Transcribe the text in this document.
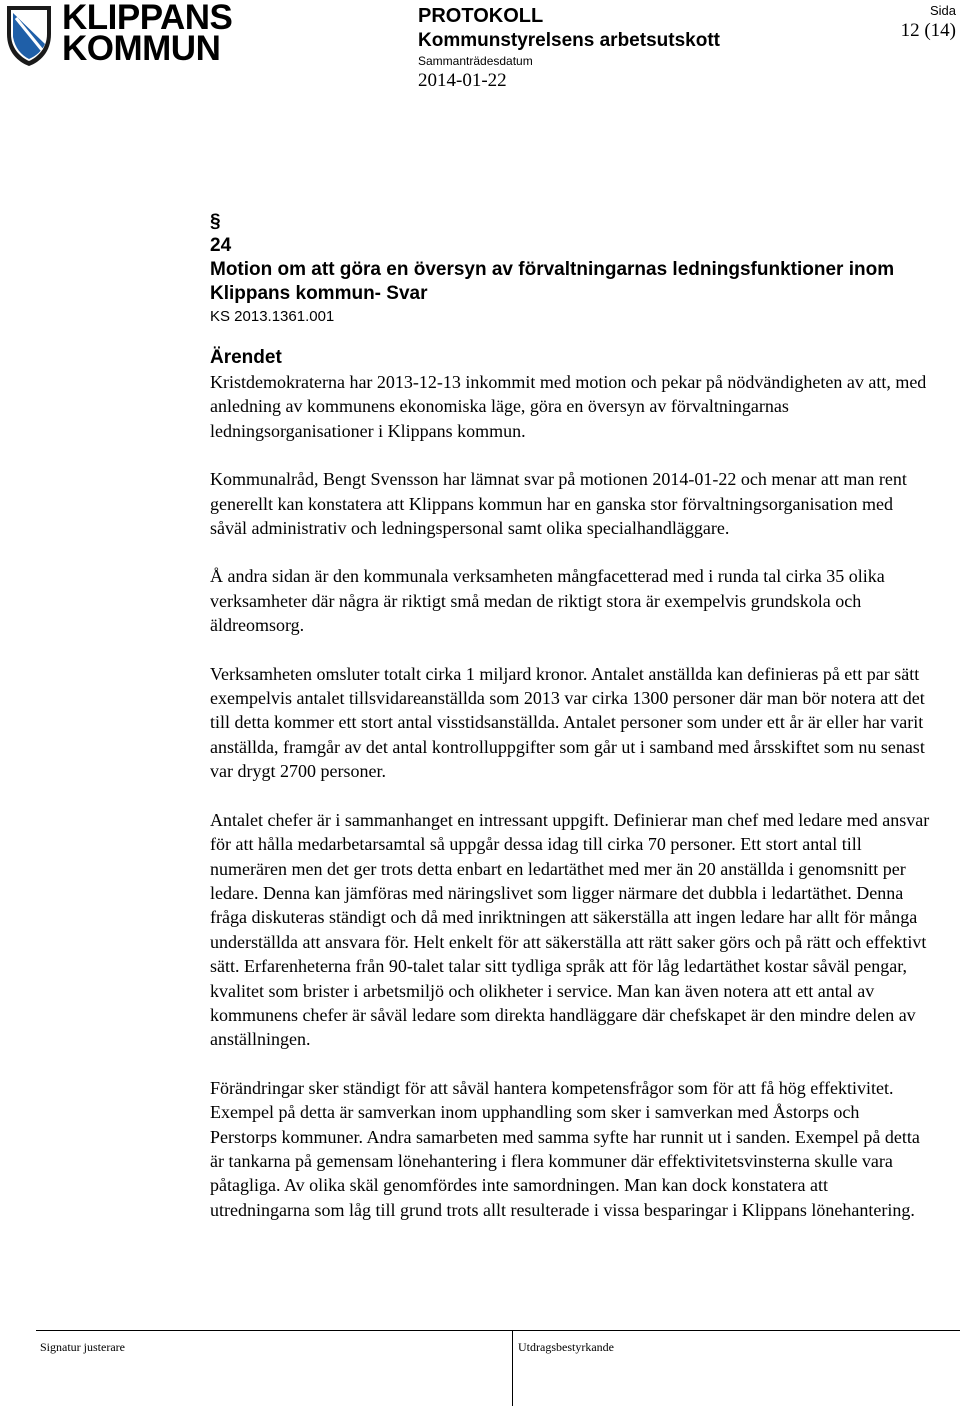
KLIPPANS
KOMMUN
PROTOKOLL
Kommunstyrelsens arbetsutskott
Sammanträdesdatum
2014-01-22
Sida
12 (14)
§
24
Motion om att göra en översyn av förvaltningarnas ledningsfunktioner inom Klippans kommun- Svar
KS 2013.1361.001
Ärendet

Kristdemokraterna har 2013-12-13 inkommit med motion och pekar på nödvändigheten av att, med anledning av kommunens ekonomiska läge, göra en översyn av förvaltningarnas ledningsorganisationer i Klippans kommun.

Kommunalråd, Bengt Svensson har lämnat svar på motionen 2014-01-22 och menar att man rent generellt kan konstatera att Klippans kommun har en ganska stor förvaltningsorganisation med såväl administrativ och ledningspersonal samt olika specialhandläggare.

Å andra sidan är den kommunala verksamheten mångfacetterad med i runda tal cirka 35 olika verksamheter där några är riktigt små medan de riktigt stora är exempelvis grundskola och äldreomsorg.

Verksamheten omsluter totalt cirka 1 miljard kronor. Antalet anställda kan definieras på ett par sätt exempelvis antalet tillsvidareanställda som 2013 var cirka 1300 personer där man bör notera att det till detta kommer ett stort antal visstidsanställda. Antalet personer som under ett år är eller har varit anställda, framgår av det antal kontrolluppgifter som går ut i samband med årsskiftet som nu senast var drygt 2700 personer.

Antalet chefer är i sammanhanget en intressant uppgift. Definierar man chef med ledare med ansvar för att hålla medarbetarsamtal så uppgår dessa idag till cirka 70 personer. Ett stort antal till numerären men det ger trots detta enbart en ledartäthet med mer än 20 anställda i genomsnitt per ledare. Denna kan jämföras med näringslivet som ligger närmare det dubbla i ledartäthet. Denna fråga diskuteras ständigt och då med inriktningen att säkerställa att ingen ledare har allt för många underställda att ansvara för. Helt enkelt för att säkerställa att rätt saker görs och på rätt och effektivt sätt. Erfarenheterna från 90-talet talar sitt tydliga språk att för låg ledartäthet kostar såväl pengar, kvalitet som brister i arbetsmiljö och olikheter i service. Man kan även notera att ett antal av kommunens chefer är såväl ledare som direkta handläggare där chefskapet är den mindre delen av anställningen.

Förändringar sker ständigt för att såväl hantera kompetensfrågor som för att få hög effektivitet. Exempel på detta är samverkan inom upphandling som sker i samverkan med Åstorps och Perstorps kommuner. Andra samarbeten med samma syfte har runnit ut i sanden. Exempel på detta är tankarna på gemensam lönehantering i flera kommuner där effektivitetsvinsterna skulle vara påtagliga. Av olika skäl genomfördes inte samordningen. Man kan dock konstatera att utredningarna som låg till grund trots allt resulterade i vissa besparingar i Klippans lönehantering.

Signatur justerare	Utdragsbestyrkande
